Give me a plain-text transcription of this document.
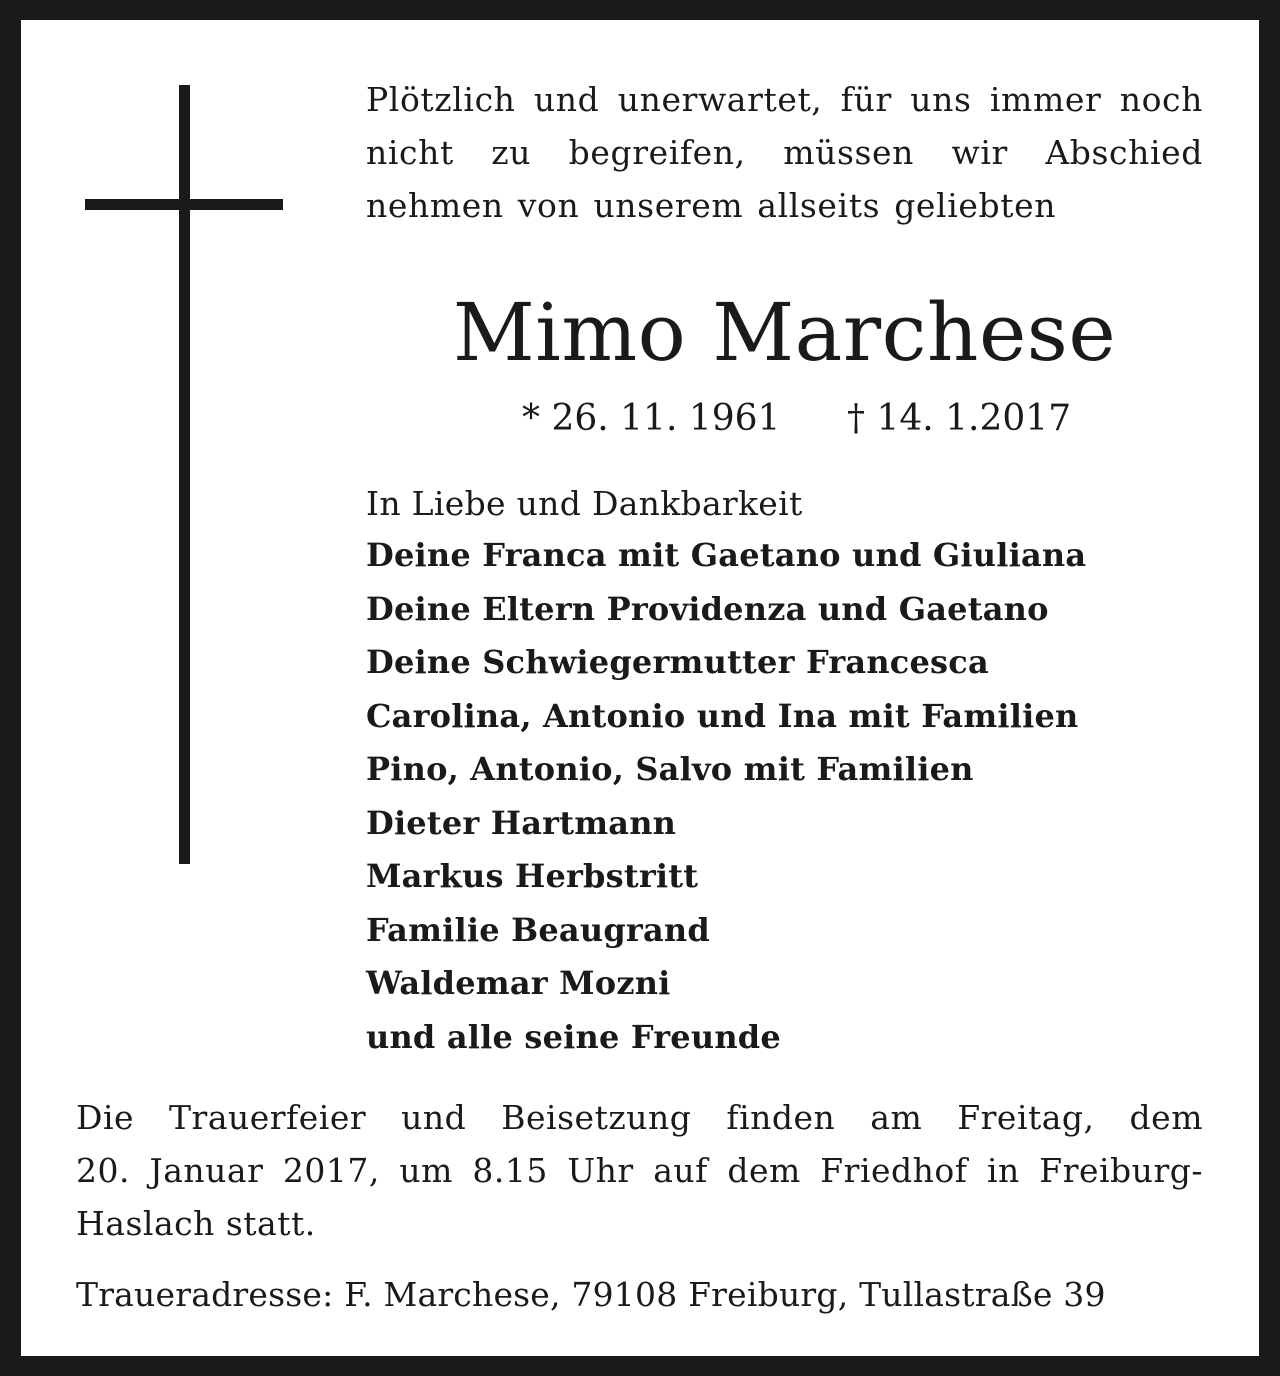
Plötzlich und unerwartet, für uns immer noch
nicht zu begreifen, müssen wir Abschied
nehmen von unserem allseits geliebten
Mimo Marchese
* 26. 11. 1961 † 14. 1.2017
In Liebe und Dankbarkeit
Deine Franca mit Gaetano und Giuliana
Deine Eltern Providenza und Gaetano
Deine Schwiegermutter Francesca
Carolina, Antonio und Ina mit Familien
Pino, Antonio, Salvo mit Familien
Dieter Hartmann
Markus Herbstritt
Familie Beaugrand
Waldemar Mozni
und alle seine Freunde
Die Trauerfeier und Beisetzung finden am Freitag, dem
20. Januar 2017, um 8.15 Uhr auf dem Friedhof in Freiburg-
Haslach statt.
Traueradresse: F. Marchese, 79108 Freiburg, Tullastraße 39
